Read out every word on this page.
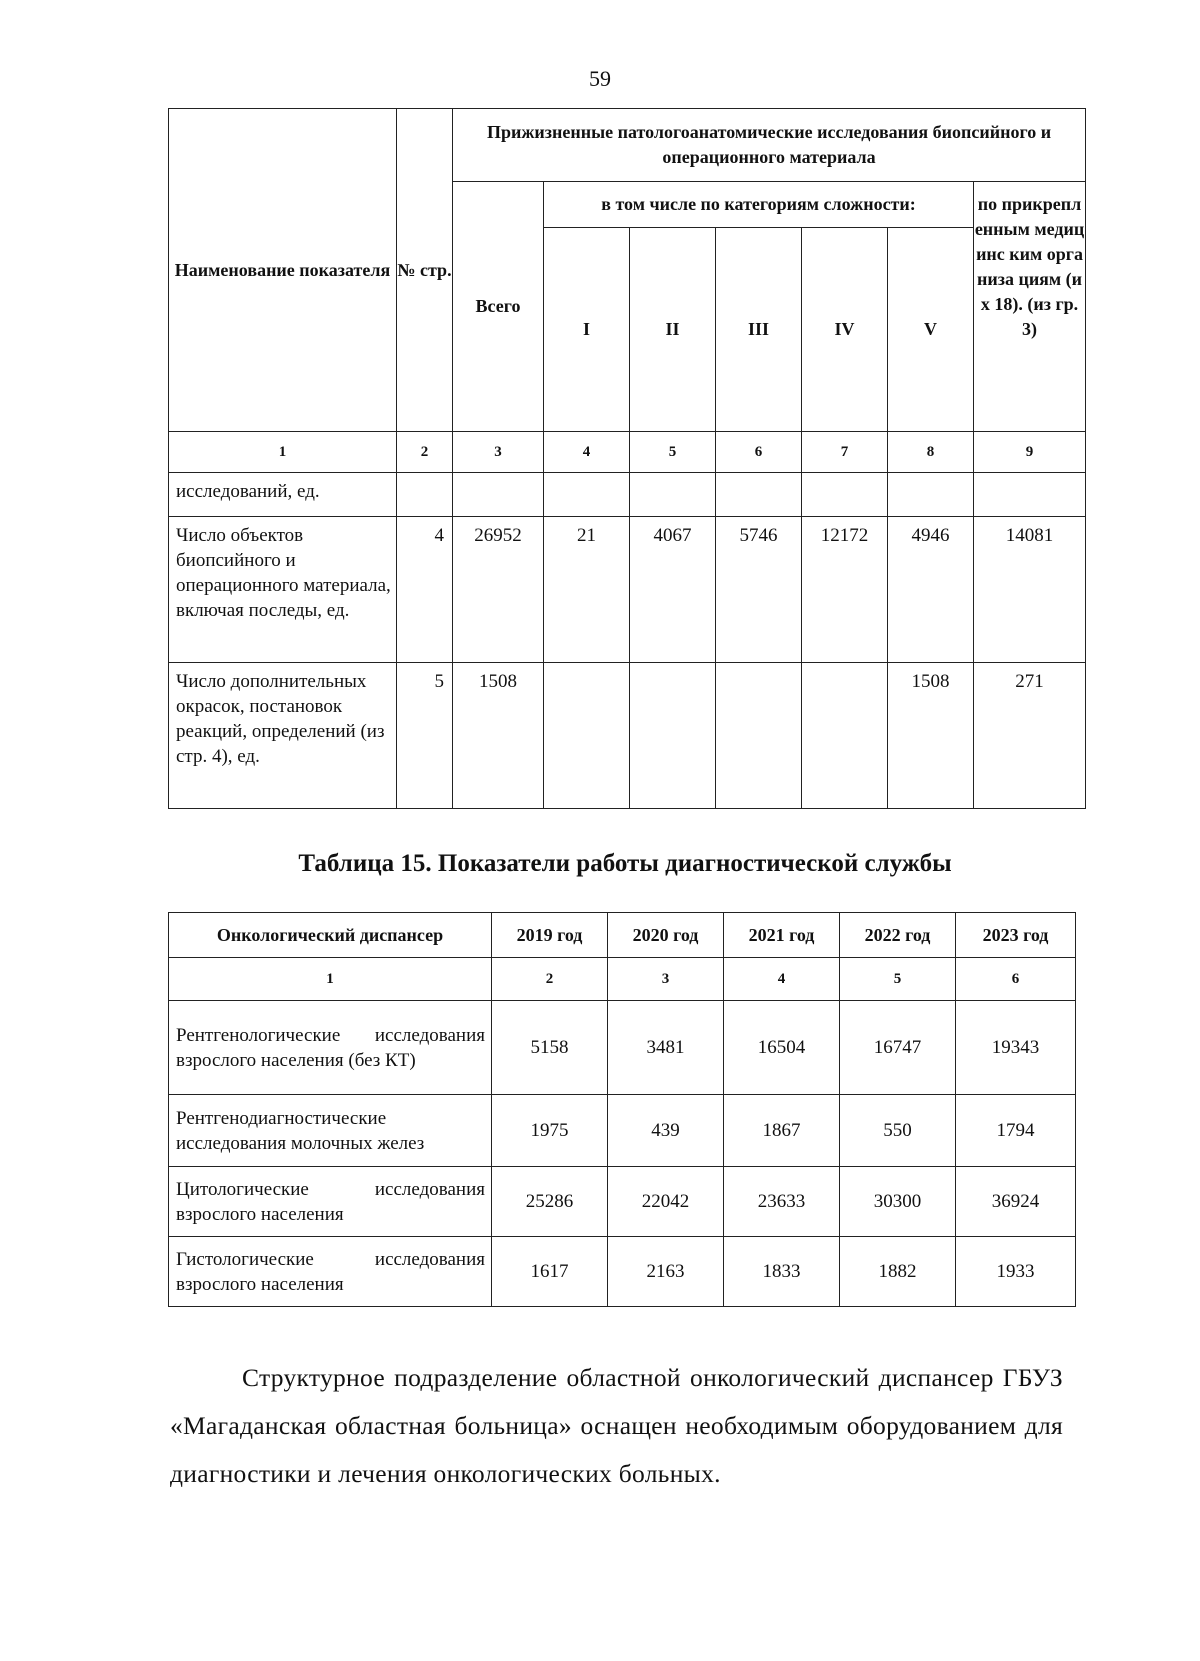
59
Наименование показателя	№ стр.	Прижизненные патологоанатомические исследования биопсийного и операционного материала						
		Всего	в том числе по категориям сложности:					по прикрепл енным медицинс ким организа циям (их 18). (из гр. 3)
			I	II	III	IV	V	
1	2	3	4	5	6	7	8	9
исследований, ед.								
Число объектов биопсийного и операционного материала, включая последы, ед.	4	26952	21	4067	5746	12172	4946	14081
Число дополнительных окрасок, постановок реакций, определений (из стр. 4), ед.	5	1508					1508	271
Таблица 15. Показатели работы диагностической службы
Онкологический диспансер	2019 год	2020 год	2021 год	2022 год	2023 год
1	2	3	4	5	6
Рентгенологические исследования взрослого населения (без КТ)	5158	3481	16504	16747	19343
Рентгенодиагностические исследования молочных желез	1975	439	1867	550	1794
Цитологические исследования взрослого населения	25286	22042	23633	30300	36924
Гистологические исследования взрослого населения	1617	2163	1833	1882	1933

Структурное подразделение областной онкологический диспансер ГБУЗ «Магаданская областная больница» оснащен необходимым оборудованием для диагностики и лечения онкологических больных.
